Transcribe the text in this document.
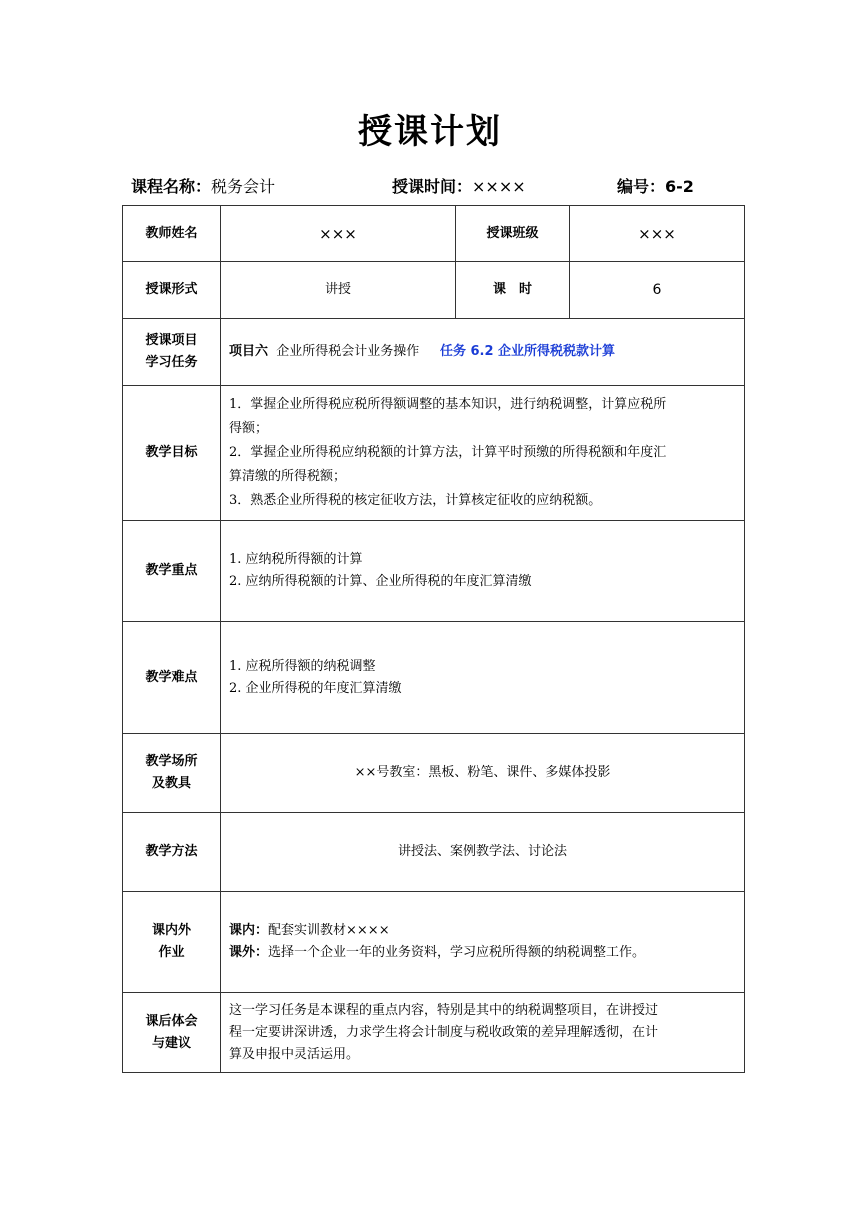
授课计划
课程名称：税务会计	授课时间：××××	编号：6-2
教师姓名	×××	授课班级	×××
授课形式	讲授	课　时	6

授课项目
学习任务	项目六 企业所得税会计业务操作 任务 6.2 企业所得税税款计算		
教学目标	1．掌握企业所得税应税所得额调整的基本知识，进行纳税调整，计算应税所
得额；
2．掌握企业所得税应纳税额的计算方法，计算平时预缴的所得税额和年度汇
算清缴的所得税额；
3．熟悉企业所得税的核定征收方法，计算核定征收的应纳税额。		

教学重点	1. 应纳税所得额的计算
2. 应纳所得税额的计算、企业所得税的年度汇算清缴		

教学难点	1. 应税所得额的纳税调整
2. 企业所得税的年度汇算清缴		

教学场所
及教具	××号教室：黑板、粉笔、课件、多媒体投影		
教学方法	讲授法、案例教学法、讨论法		

课内外
作业	课内：配套实训教材××××
课外：选择一个企业一年的业务资料，学习应税所得额的纳税调整工作。		

课后体会
与建议	这一学习任务是本课程的重点内容，特别是其中的纳税调整项目，在讲授过
程一定要讲深讲透，力求学生将会计制度与税收政策的差异理解透彻，在计
算及申报中灵活运用。		
